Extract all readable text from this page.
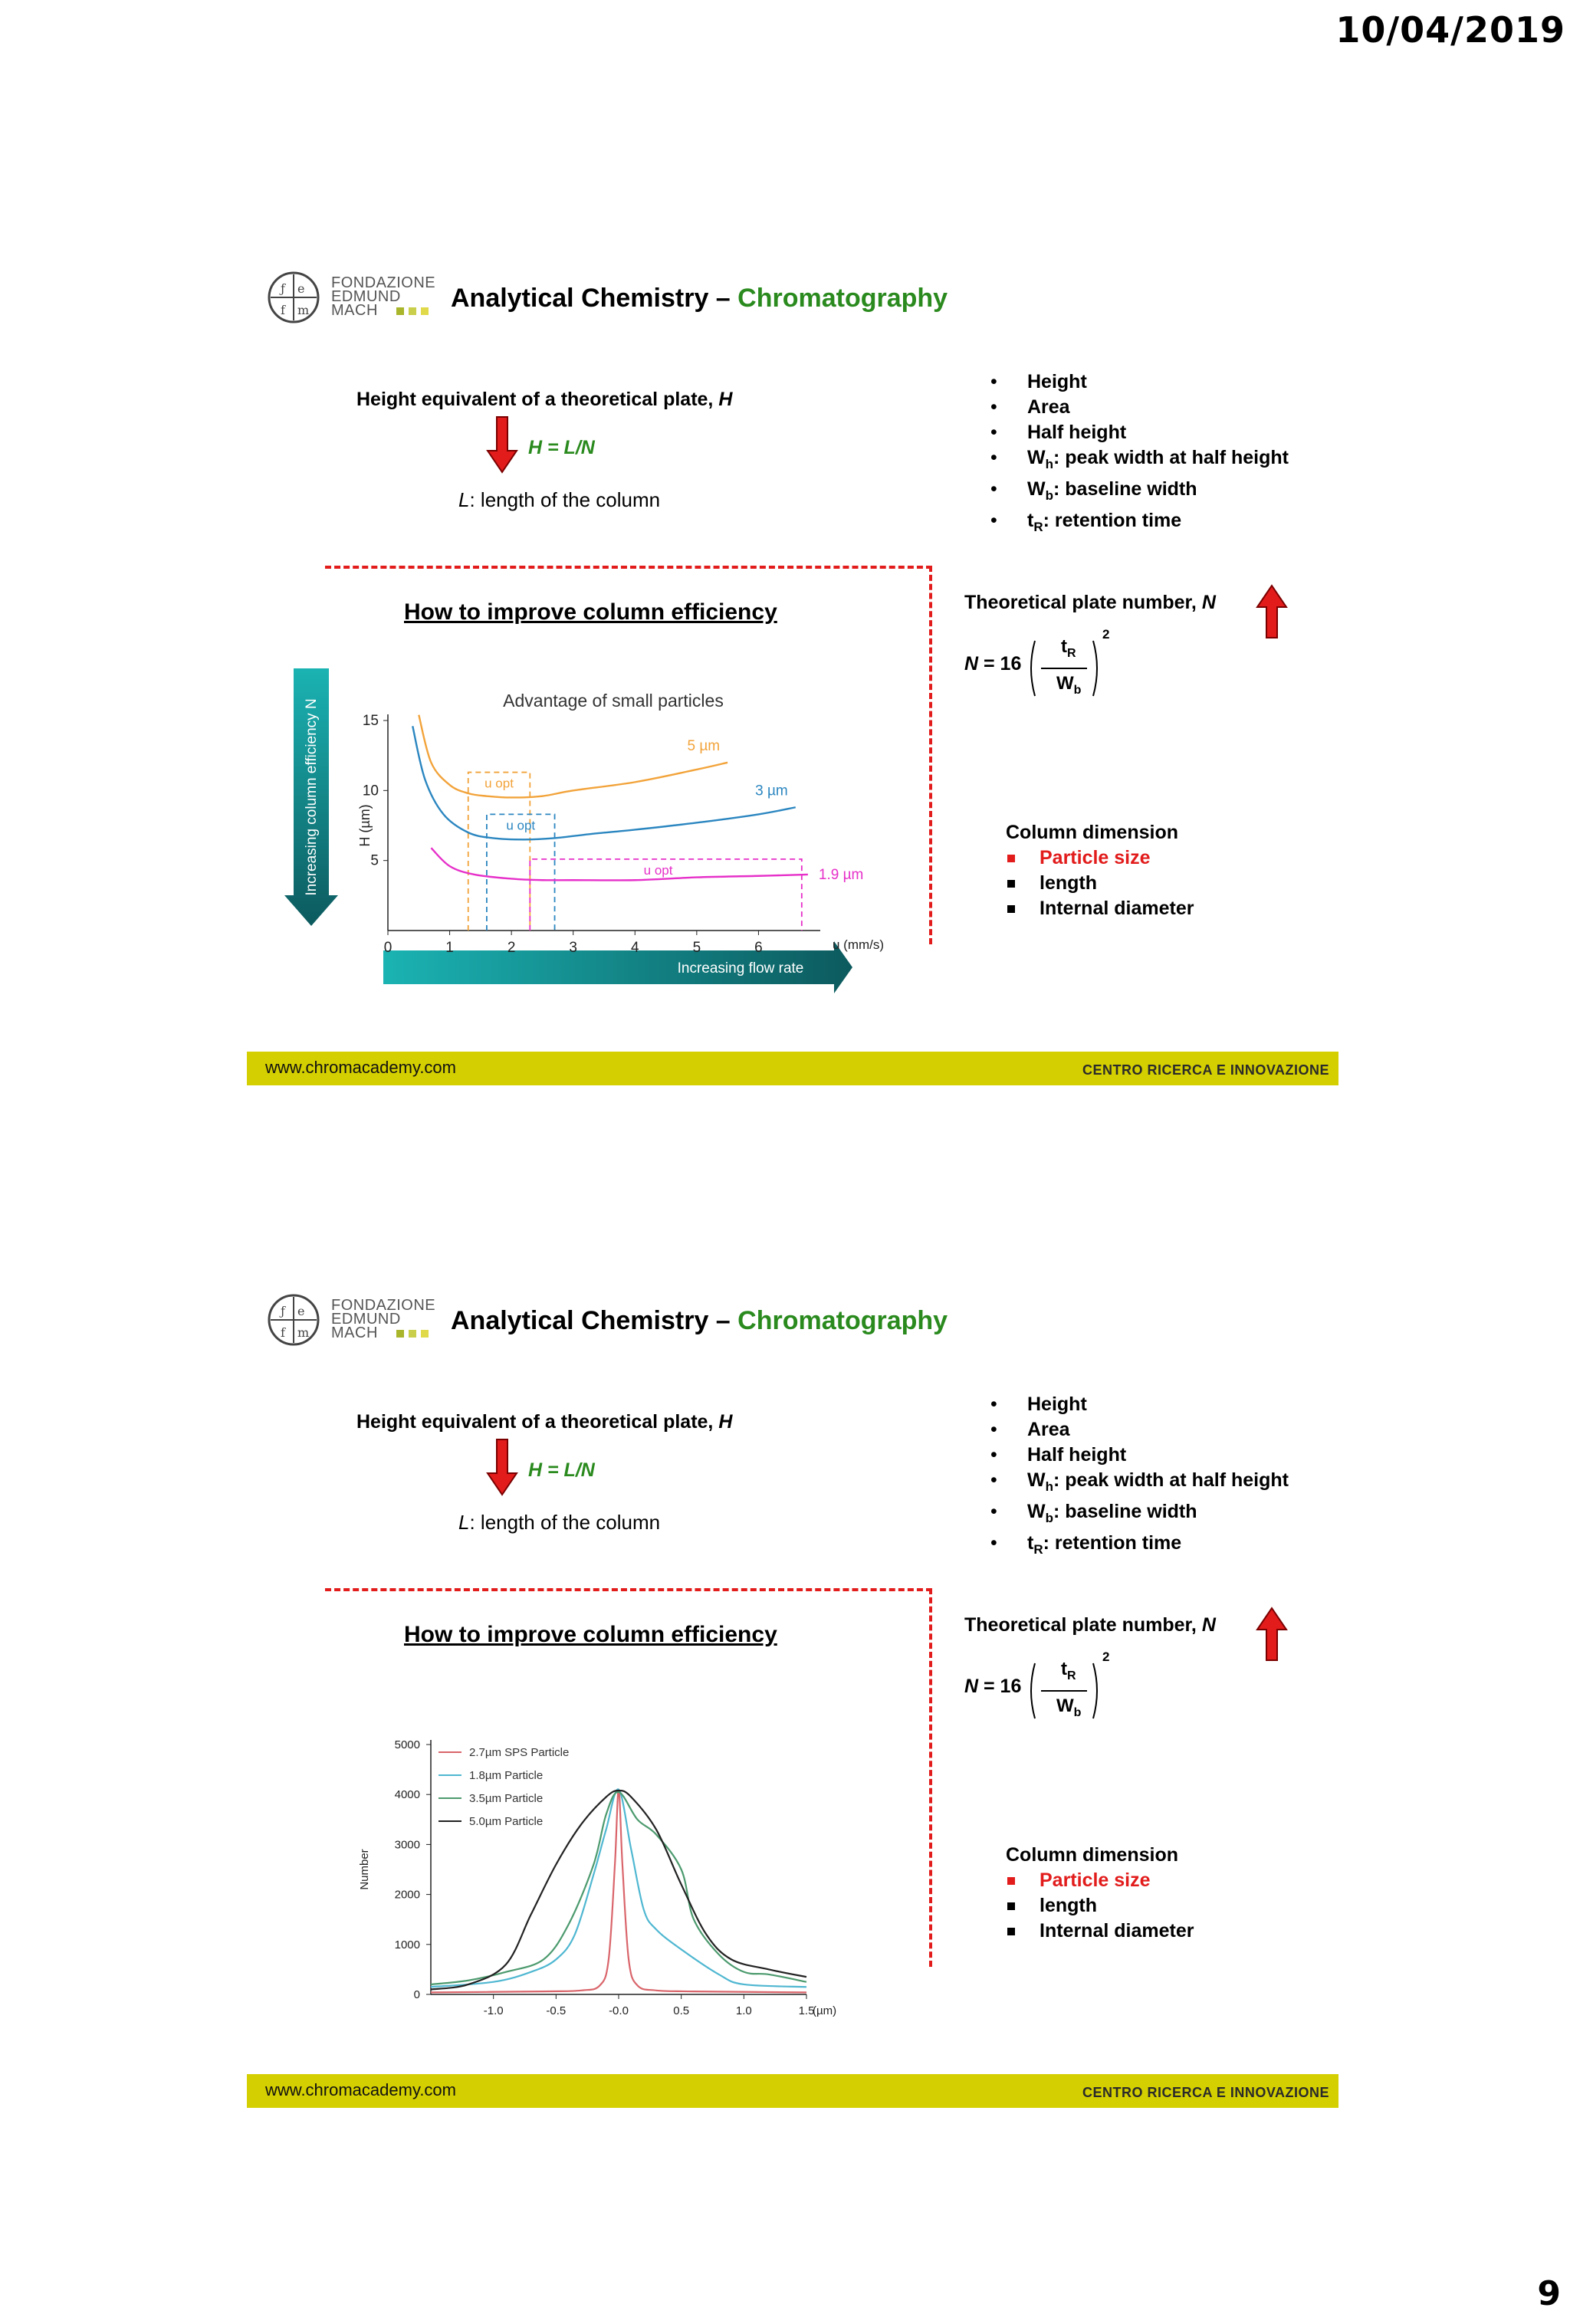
10/04/2019
ƒ e
f m
FONDAZIONE
EDMUND
MACH	Analytical Chemistry – Chromatography
Height equivalent of a theoretical plate, H
H = L/N
L: length of the column
• Height
• Area
• Half height
• $W_h$: peak width at half height
• $W_b$: baseline width
• $t_R$: retention time
How to improve column efficiency
Increasing column efficiency N
Increasing flow rate
0	1	2	3	4	5	6
5
10
15
H (µm)
u (mm/s)
Advantage of small particles
u opt
u opt
u opt
5 µm
3 µm
1.9 µm
Theoretical plate number, N
N = 16
$t_R$
$W_b$
2
Column dimension
Particle size
length
Internal diameter
www.chromacademy.com	CENTRO RICERCA E INNOVAZIONE
ƒ e
f m
FONDAZIONE
EDMUND
MACH	Analytical Chemistry – Chromatography
Height equivalent of a theoretical plate, H
H = L/N
L: length of the column
• Height
• Area
• Half height
• $W_h$: peak width at half height
• $W_b$: baseline width
• $t_R$: retention time
How to improve column efficiency
0
1000
2000
3000
4000
5000
-1.0	-0.5	-0.0	0.5	1.0	1.5
(µm)
Number
2.7µm SPS Particle
1.8µm Particle
3.5µm Particle
5.0µm Particle
Theoretical plate number, N
N = 16
$t_R$
$W_b$
2
Column dimension
Particle size
length
Internal diameter
www.chromacademy.com	CENTRO RICERCA E INNOVAZIONE
9
